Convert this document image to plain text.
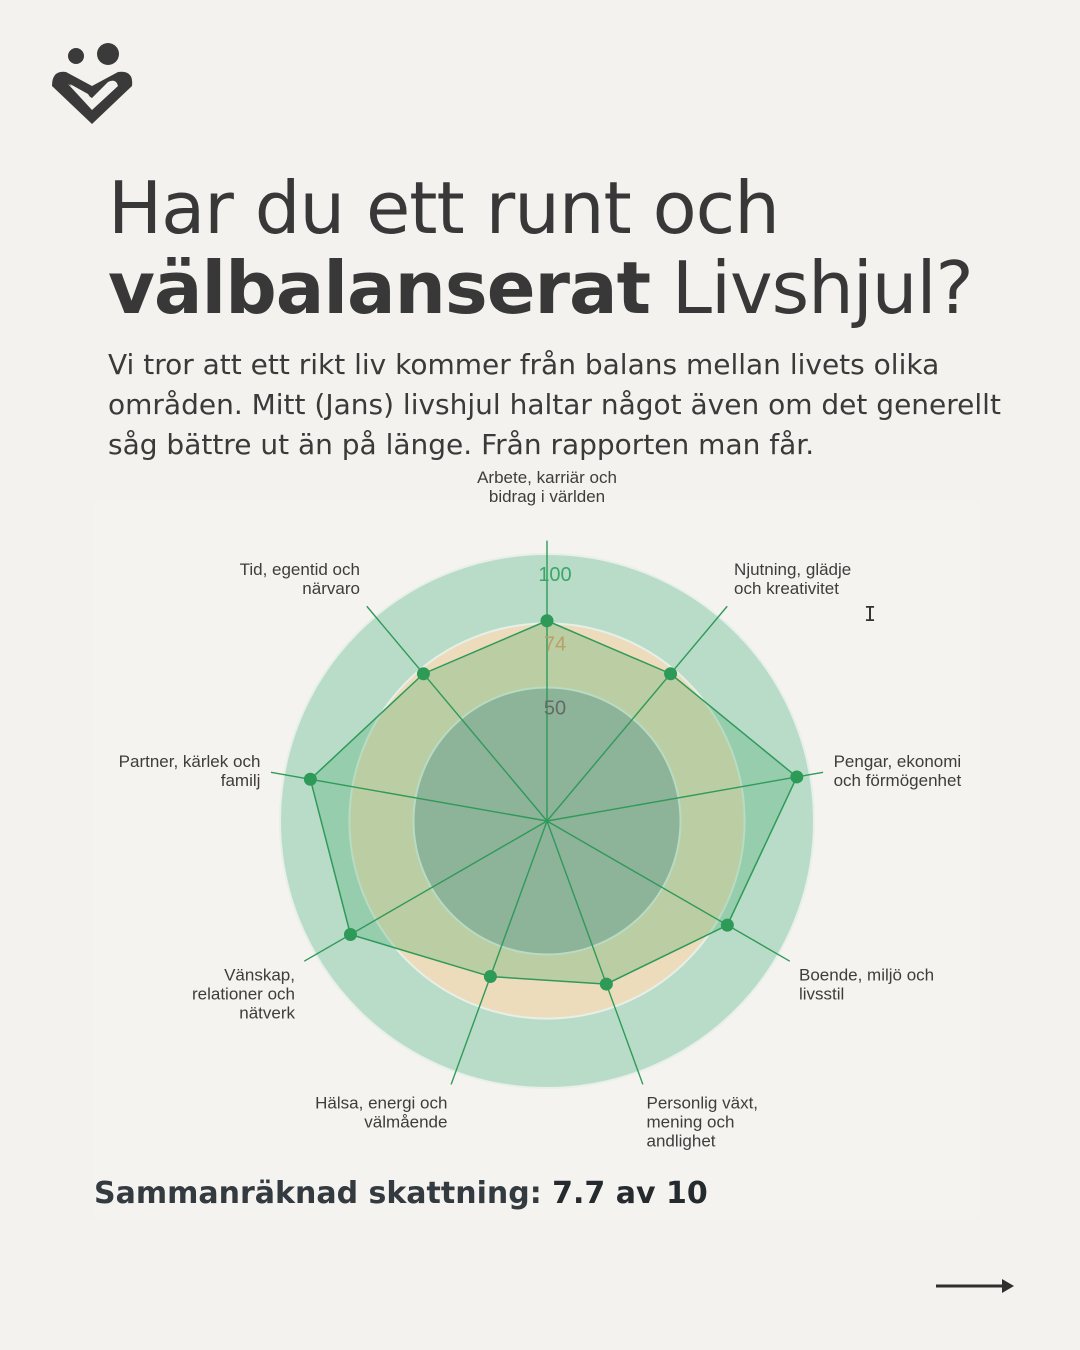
Har du ett runt och
välbalanserat Livshjul?

Vi tror att ett rikt liv kommer från balans mellan livets olika områden. Mitt (Jans) livshjul haltar något även om det generellt såg bättre ut än på länge. Från rapporten man får.

100
74
50
Arbete, karriär och bidrag i världen
Njutning, glädje och kreativitet
Pengar, ekonomi och förmögenhet
Boende, miljö och livsstil
Personlig växt, mening och andlighet
Hälsa, energi och välmående
Vänskap, relationer och nätverk
Partner, kärlek och familj
Tid, egentid och närvaro
I
Sammanräknad skattning: 7.7 av 10
